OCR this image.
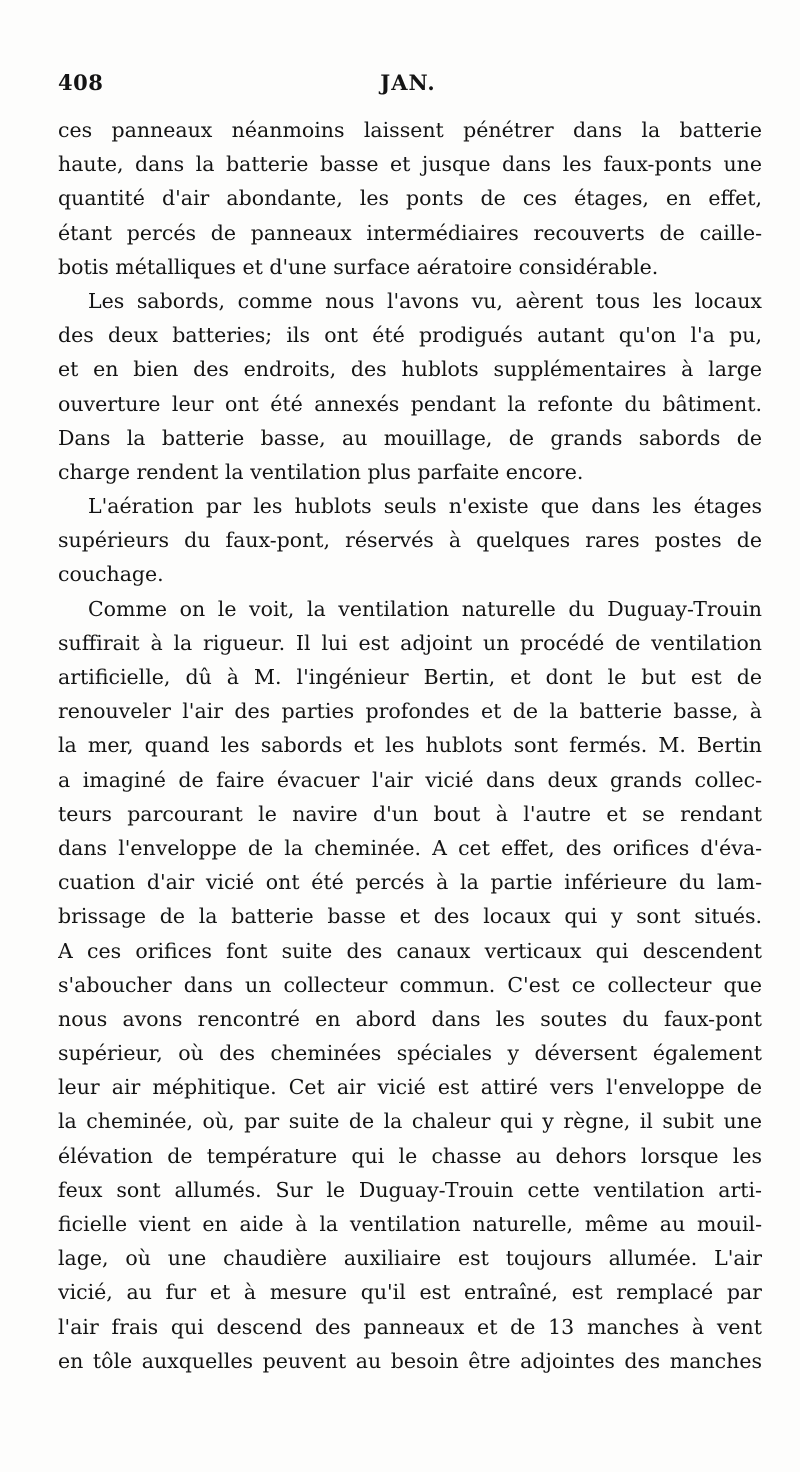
408	JAN.
ces panneaux néanmoins laissent pénétrer dans la batterie
haute, dans la batterie basse et jusque dans les faux-ponts une
quantité d'air abondante, les ponts de ces étages, en effet,
étant percés de panneaux intermédiaires recouverts de caille-
botis métalliques et d'une surface aératoire considérable.
Les sabords, comme nous l'avons vu, aèrent tous les locaux
des deux batteries; ils ont été prodigués autant qu'on l'a pu,
et en bien des endroits, des hublots supplémentaires à large
ouverture leur ont été annexés pendant la refonte du bâtiment.
Dans la batterie basse, au mouillage, de grands sabords de
charge rendent la ventilation plus parfaite encore.
L'aération par les hublots seuls n'existe que dans les étages
supérieurs du faux-pont, réservés à quelques rares postes de
couchage.
Comme on le voit, la ventilation naturelle du Duguay-Trouin
suffirait à la rigueur. Il lui est adjoint un procédé de ventilation
artificielle, dû à M. l'ingénieur Bertin, et dont le but est de
renouveler l'air des parties profondes et de la batterie basse, à
la mer, quand les sabords et les hublots sont fermés. M. Bertin
a imaginé de faire évacuer l'air vicié dans deux grands collec-
teurs parcourant le navire d'un bout à l'autre et se rendant
dans l'enveloppe de la cheminée. A cet effet, des orifices d'éva-
cuation d'air vicié ont été percés à la partie inférieure du lam-
brissage de la batterie basse et des locaux qui y sont situés.
A ces orifices font suite des canaux verticaux qui descendent
s'aboucher dans un collecteur commun. C'est ce collecteur que
nous avons rencontré en abord dans les soutes du faux-pont
supérieur, où des cheminées spéciales y déversent également
leur air méphitique. Cet air vicié est attiré vers l'enveloppe de
la cheminée, où, par suite de la chaleur qui y règne, il subit une
élévation de température qui le chasse au dehors lorsque les
feux sont allumés. Sur le Duguay-Trouin cette ventilation arti-
ficielle vient en aide à la ventilation naturelle, même au mouil-
lage, où une chaudière auxiliaire est toujours allumée. L'air
vicié, au fur et à mesure qu'il est entraîné, est remplacé par
l'air frais qui descend des panneaux et de 13 manches à vent
en tôle auxquelles peuvent au besoin être adjointes des manches
